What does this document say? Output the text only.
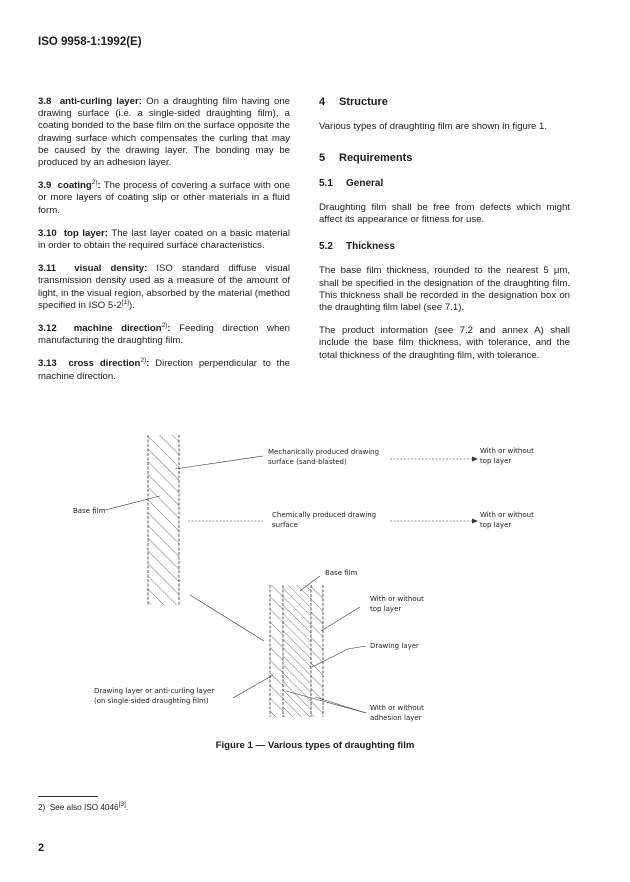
ISO 9958-1:1992(E)

3.8 anti-curling layer: On a draughting film having one drawing surface (i.e. a single-sided draughting film), a coating bonded to the base film on the surface opposite the drawing surface which compensates the curling that may be caused by the drawing layer. The bonding may be produced by an adhesion layer.

3.9 coating$^{2)}$: The process of covering a surface with one or more layers of coating slip or other materials in a fluid form.

3.10 top layer: The last layer coated on a basic material in order to obtain the required surface characteristics.

3.11 visual density: ISO standard diffuse visual transmission density used as a measure of the amount of light, in the visual region, absorbed by the material (method specified in ISO 5-2[1]).

3.12 machine direction$^{2)}$: Feeding direction when manufacturing the draughting film.

3.13 cross direction$^{2)}$: Direction perpendicular to the machine direction.

4 Structure

Various types of draughting film are shown in figure 1.

5 Requirements
5.1 General

Draughting film shall be free from defects which might affect its appearance or fitness for use.

5.2 Thickness

The base film thickness, rounded to the nearest 5 μm, shall be specified in the designation of the draughting film. This thickness shall be recorded in the designation box on the draughting film label (see 7.1).

The product information (see 7.2 and annex A) shall include the base film thickness, with tolerance, and the total thickness of the draughting film, with tolerance.

Mechanically produced drawing
surface (sand-blasted)
With or without
top layer
Base film	Chemically produced drawing
surface
With or without
top layer
Base film
With or without
top layer
Drawing layer
Drawing layer or anti-curling layer
(on single-sided draughting film)
With or without
adhesion layer
Figure 1 — Various types of draughting film
2) See also ISO 4046[3].
2
